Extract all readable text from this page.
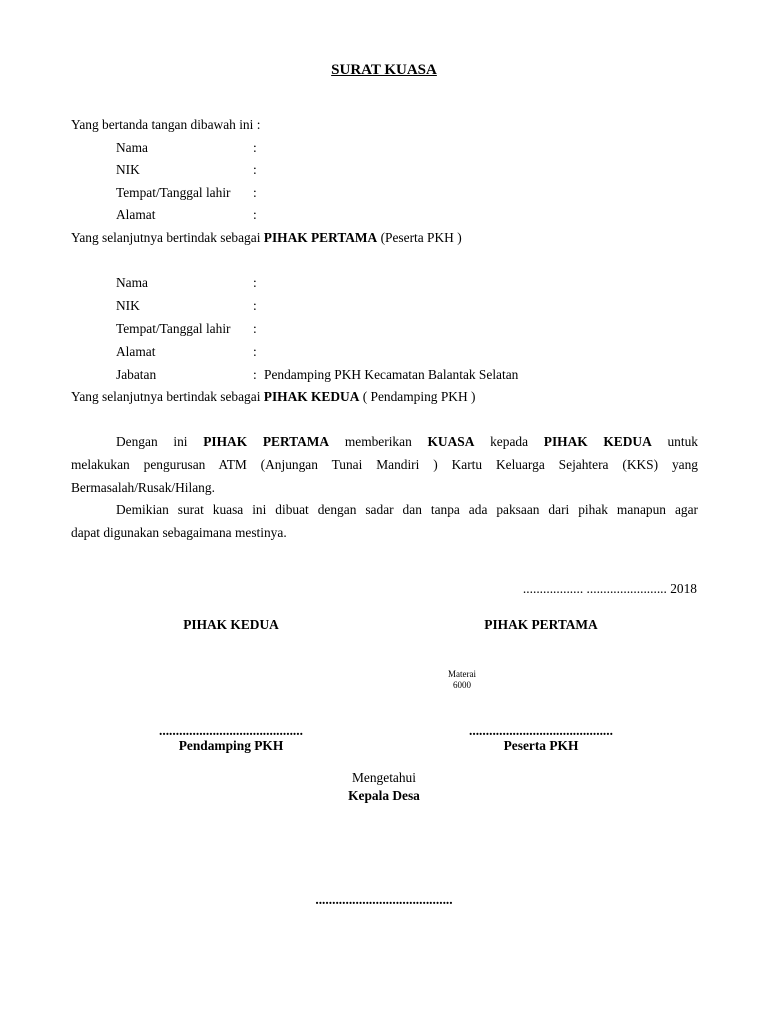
SURAT KUASA
Yang bertanda tangan dibawah ini :
Nama	:
NIK	:
Tempat/Tanggal lahir :
Alamat	:
Yang selanjutnya bertindak sebagai PIHAK PERTAMA (Peserta PKH )
Nama	:
NIK	:
Tempat/Tanggal lahir :
Alamat	:
Jabatan	: Pendamping PKH Kecamatan Balantak Selatan
Yang selanjutnya bertindak sebagai PIHAK KEDUA ( Pendamping PKH )
Dengan ini PIHAK PERTAMA memberikan KUASA kepada PIHAK KEDUA untuk
melakukan pengurusan ATM (Anjungan Tunai Mandiri ) Kartu Keluarga Sejahtera (KKS) yang
Bermasalah/Rusak/Hilang.
Demikian surat kuasa ini dibuat dengan sadar dan tanpa ada paksaan dari pihak manapun agar
dapat digunakan sebagaimana mestinya.
.................. ........................ 2018
PIHAK KEDUA	PIHAK PERTAMA
Materai 6000
...........................................	...........................................
Pendamping PKH	Peserta PKH
Mengetahui
Kepala Desa
.........................................
